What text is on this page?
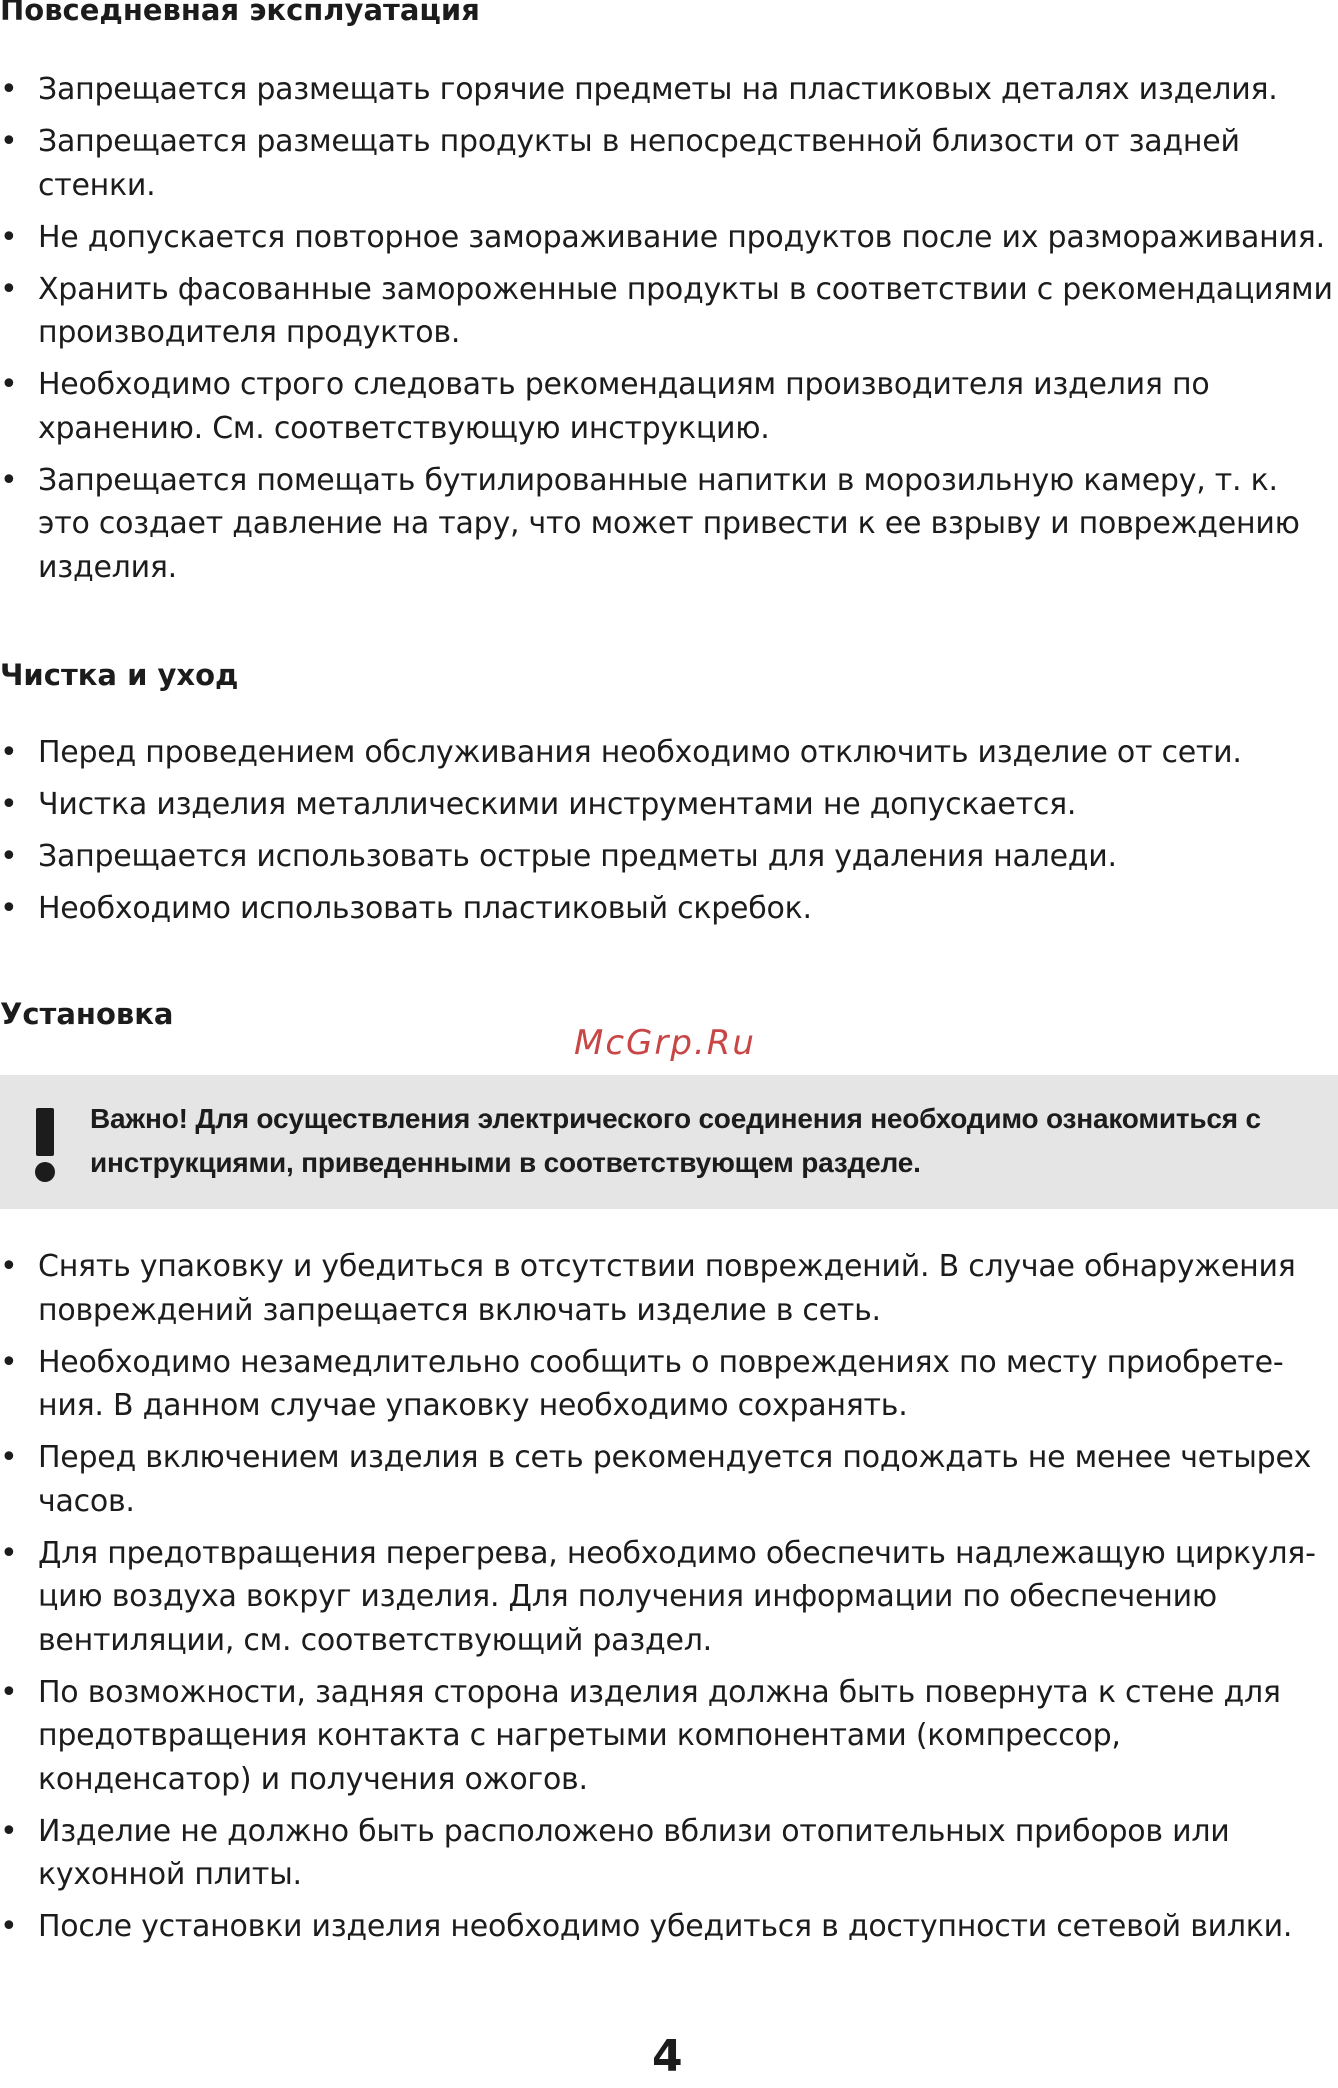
Повседневная эксплуатация
• Запрещается размещать горячие предметы на пластиковых деталях изделия.
• Запрещается размещать продукты в непосредственной близости от задней стенки.
• Не допускается повторное замораживание продуктов после их размораживания.
• Хранить фасованные замороженные продукты в соответствии с рекомендациями производителя продуктов.
• Необходимо строго следовать рекомендациям производителя изделия по хранению. См. соответствующую инструкцию.
• Запрещается помещать бутилированные напитки в морозильную камеру, т. к. это создает давление на тару, что может привести к ее взрыву и повреждению изделия.
Чистка и уход
• Перед проведением обслуживания необходимо отключить изделие от сети.
• Чистка изделия металлическими инструментами не допускается.
• Запрещается использовать острые предметы для удаления наледи.
• Необходимо использовать пластиковый скребок.
Установка
McGrp.Ru

Важно! Для осуществления электрического соединения необходимо ознакомиться с инструкциями, приведенными в соответствующем разделе.

• Снять упаковку и убедиться в отсутствии повреждений. В случае обнаружения повреждений запрещается включать изделие в сеть.
• Необходимо незамедлительно сообщить о повреждениях по месту приобрете-ния. В данном случае упаковку необходимо сохранять.
• Перед включением изделия в сеть рекомендуется подождать не менее четырех часов.
• Для предотвращения перегрева, необходимо обеспечить надлежащую циркуля-цию воздуха вокруг изделия. Для получения информации по обеспечению вентиляции, см. соответствующий раздел.
• По возможности, задняя сторона изделия должна быть повернута к стене для предотвращения контакта с нагретыми компонентами (компрессор, конденсатор) и получения ожогов.
• Изделие не должно быть расположено вблизи отопительных приборов или кухонной плиты.
• После установки изделия необходимо убедиться в доступности сетевой вилки.
4
